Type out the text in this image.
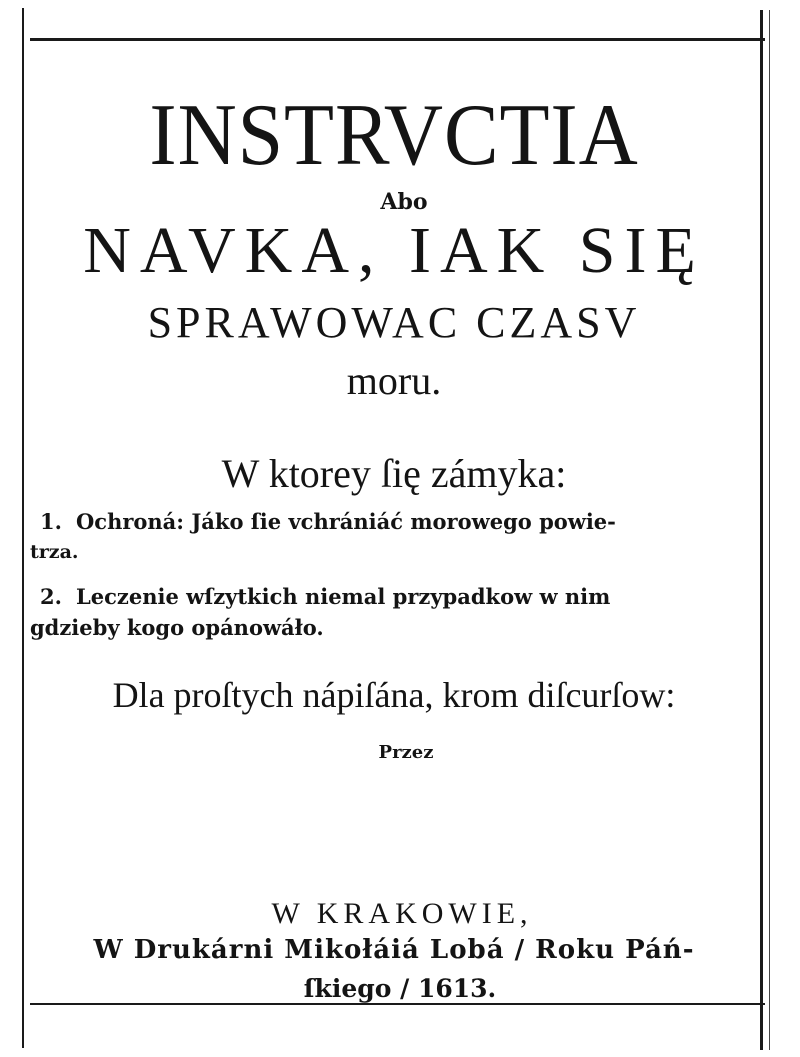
INSTRVCTIA
Abo
NAVKA, IAK SIĘ
SPRAWOWAC CZASV
moru.
W ktorey ſię zámyka:
1. Ochroná: Jáko ſie vchrániáć morowego powie-
trza.
2. Leczenie wſzytkich niemal przypadkow w nim
gdzieby kogo opánowáło.
Dla proſtych nápiſána, krom diſcurſow:
Przez
W KRAKOWIE,
W Drukárni Mikołáiá Lobá / Roku Páń-
ſkiego / 1613.
